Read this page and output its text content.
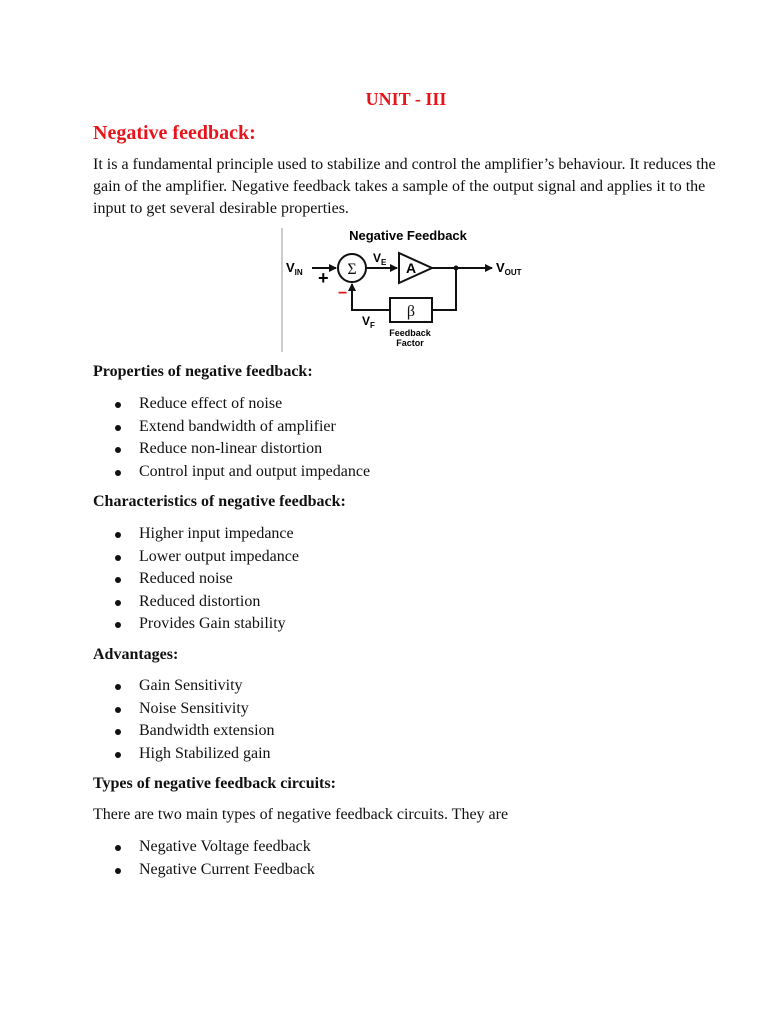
UNIT - III
Negative feedback:

It is a fundamental principle used to stabilize and control the amplifier’s behaviour. It reduces the gain of the amplifier. Negative feedback takes a sample of the output signal and applies it to the input to get several desirable properties.

Negative Feedback
$V_{IN} + \Sigma$
$V_E$ A	$V_{OUT}$
β
−
$V_F$
Feedback
Factor

Properties of negative feedback:

Reduce effect of noise
Extend bandwidth of amplifier
Reduce non-linear distortion
Control input and output impedance

Characteristics of negative feedback:

Higher input impedance
Lower output impedance
Reduced noise
Reduced distortion
Provides Gain stability

Advantages:

Gain Sensitivity
Noise Sensitivity
Bandwidth extension
High Stabilized gain

Types of negative feedback circuits:

There are two main types of negative feedback circuits. They are

Negative Voltage feedback
Negative Current Feedback
